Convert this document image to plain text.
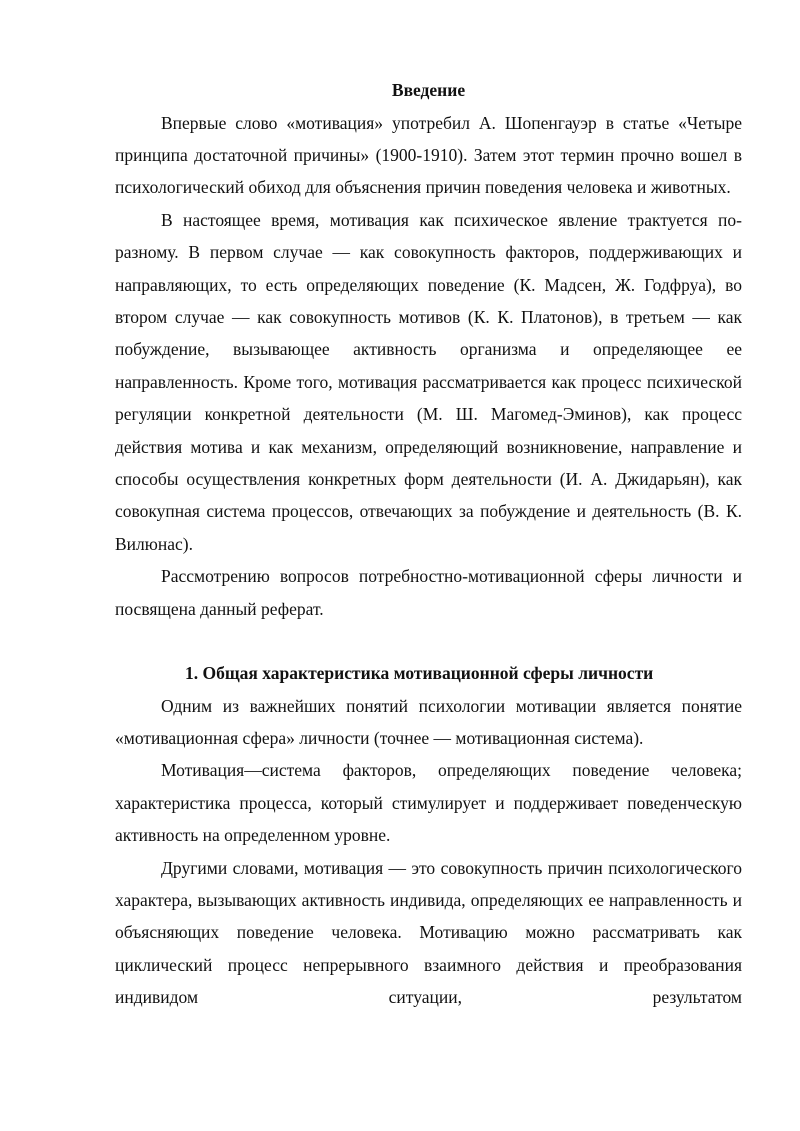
Введение

Впервые слово «мотивация» употребил А. Шопенгауэр в статье «Четыре принципа достаточной причины» (1900-1910). Затем этот термин прочно вошел в психологический обиход для объяснения причин поведения человека и животных.

В настоящее время, мотивация как психическое явление трактуется по-разному. В первом случае — как совокупность факторов, поддерживающих и направляющих, то есть определяющих поведение (К. Мадсен, Ж. Годфруа), во втором случае — как совокупность мотивов (К. К. Платонов), в третьем — как побуждение, вызывающее активность организма и определяющее ее направленность. Кроме того, мотивация рассматривается как процесс психической регуляции конкретной деятельности (М. Ш. Магомед-Эминов), как процесс действия мотива и как механизм, определяющий возникновение, направление и способы осуществления конкретных форм деятельности (И. А. Джидарьян), как совокупная система процессов, отвечающих за побуждение и деятельность (В. К. Вилюнас).

Рассмотрению вопросов потребностно-мотивационной сферы личности и посвящена данный реферат.

1. Общая характеристика мотивационной сферы личности

Одним из важнейших понятий психологии мотивации является понятие «мотивационная сфера» личности (точнее — мотивационная система).

Мотивация—система факторов, определяющих поведение человека; характеристика процесса, который стимулирует и поддерживает поведенческую активность на определенном уровне.

Другими словами, мотивация — это совокупность причин психологического характера, вызывающих активность индивида, определяющих ее направленность и объясняющих поведение человека. Мотивацию можно рассматривать как циклический процесс непрерывного взаимного действия и преобразования индивидом ситуации, результатом
